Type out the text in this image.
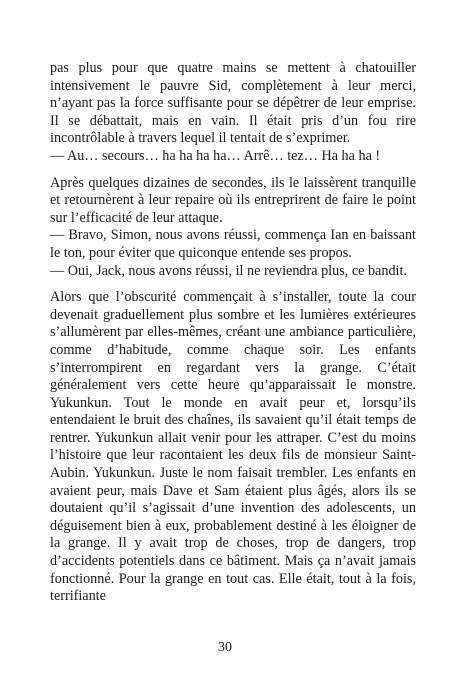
pas plus pour que quatre mains se mettent à chatouiller intensivement le pauvre Sid, complètement à leur merci, n’ayant pas la force suffisante pour se dépêtrer de leur emprise. Il se débattait, mais en vain. Il était pris d’un fou rire incontrôlable à travers lequel il tentait de s’exprimer.

— Au… secours… ha ha ha ha… Arrê… tez… Ha ha ha !

Après quelques dizaines de secondes, ils le laissèrent tranquille et retournèrent à leur repaire où ils entreprirent de faire le point sur l’efficacité de leur attaque.

— Bravo, Simon, nous avons réussi, commença Ian en baissant le ton, pour éviter que quiconque entende ses propos.

— Oui, Jack, nous avons réussi, il ne reviendra plus, ce bandit.

Alors que l’obscurité commençait à s’installer, toute la cour devenait graduellement plus sombre et les lumières extérieures s’allumèrent par elles-mêmes, créant une ambiance particulière, comme d’habitude, comme chaque soir. Les enfants s’interrompirent en regardant vers la grange. C’était généralement vers cette heure qu’apparaissait le monstre. Yukunkun. Tout le monde en avait peur et, lorsqu’ils entendaient le bruit des chaînes, ils savaient qu’il était temps de rentrer. Yukunkun allait venir pour les attraper. C’est du moins l’histoire que leur racontaient les deux fils de monsieur Saint-Aubin. Yukunkun. Juste le nom faisait trembler. Les enfants en avaient peur, mais Dave et Sam étaient plus âgés, alors ils se doutaient qu’il s’agissait d’une invention des adolescents, un déguisement bien à eux, probablement destiné à les éloigner de la grange. Il y avait trop de choses, trop de dangers, trop d’accidents potentiels dans ce bâtiment. Mais ça n’avait jamais fonctionné. Pour la grange en tout cas. Elle était, tout à la fois, terrifiante

30
